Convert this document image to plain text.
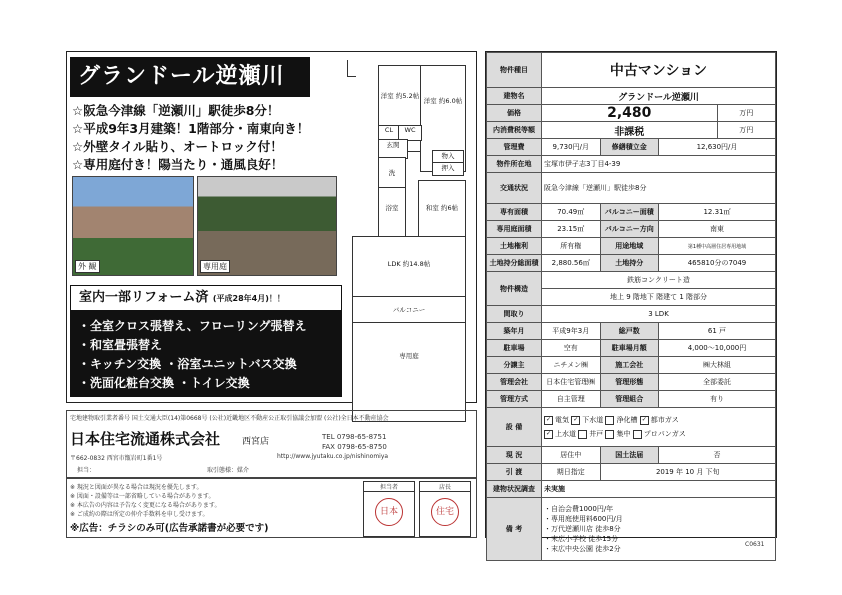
グランドール逆瀬川
☆阪急今津線「逆瀬川」駅徒歩8分！
☆平成9年3月建築！1階部分・南東向き！
☆外壁タイル貼り、オートロック付！
☆専用庭付き！陽当たり・通風良好！
外 観	専用庭
室内一部リフォーム済 (平成28年4月)！！
・全室クロス張替え、フローリング張替え
・和室畳張替え
・キッチン交換 ・浴室ユニットバス交換
・洗面化粧台交換 ・トイレ交換
洋室 約5.2帖
洋室 約6.0帖
CL	WC
玄関
物入
押入
洗
浴室	和室 約6帖
LDK 約14.8帖
バルコニー
専用庭
宅地建物取引業者番号 国土交通大臣(14)第0668号 (公社)近畿地区不動産公正取引協議会加盟 (公社)全日本不動産協会
日本住宅流通株式会社 西宮店	TEL 0798-65-8751
FAX 0798-65-8750
〒662-0832 西宮市甑岩町1番1号	http://www.jyutaku.co.jp/nishinomiya
担当：	取引態様：媒介
※ 現況と図面が異なる場合は現況を優先します。
※ 図面・設備等は一部省略している場合があります。
※ 本広告の内容は予告なく変更になる場合があります。
※ ご成約の際は所定の仲介手数料を申し受けます。
※広告：チラシのみ可(広告承諾書が必要です)
担当者
日本
店長
住宅
物件種目	中古マンション			
建物名	グランドール逆瀬川			
価格	2,480			万円
内消費税等額	非課税			万円
管理費	9,730円/月	修繕積立金	12,630円/月	
物件所在地	宝塚市伊孑志3丁目4-39			
交通状況	阪急今津線「逆瀬川」駅徒歩8分			
専有面積	70.49㎡	バルコニー面積	12.31㎡	
専用庭面積	23.15㎡	バルコニー方向	南東	
土地権利	所有権	用途地域	第1種中高層住居専用地域	
土地持分総面積	2,880.56㎡	土地持分	465810分の7049	
物件構造	鉄筋コンクリート造			
	地上 9 階地下 階建て 1 階部分			
間取り	3 LDK			
築年月	平成9年3月	総戸数	61 戸	
駐車場	空有	駐車場月額	4,000～10,000円	
分譲主	ニチメン㈱	施工会社	㈱大林組	
管理会社	日本住宅管理㈱	管理形態	全部委託	
管理方式	自主管理	管理組合	有り	
設 備	✓ 電気 ✓ 下水道 浄化槽 ✓ 都市ガス
✓ 上水道 井戸 集中 プロパンガス			
現 況	居住中	国土法届	否	
引 渡	期日指定	2019 年 10 月 下旬		
建物状況調査	未実施			
備 考	・自治会費1000円/年
・専用庭使用料600円/月
・万代逆瀬川店 徒歩8分
・末広小学校 徒歩15分
・末広中央公園 徒歩2分			
C0631
